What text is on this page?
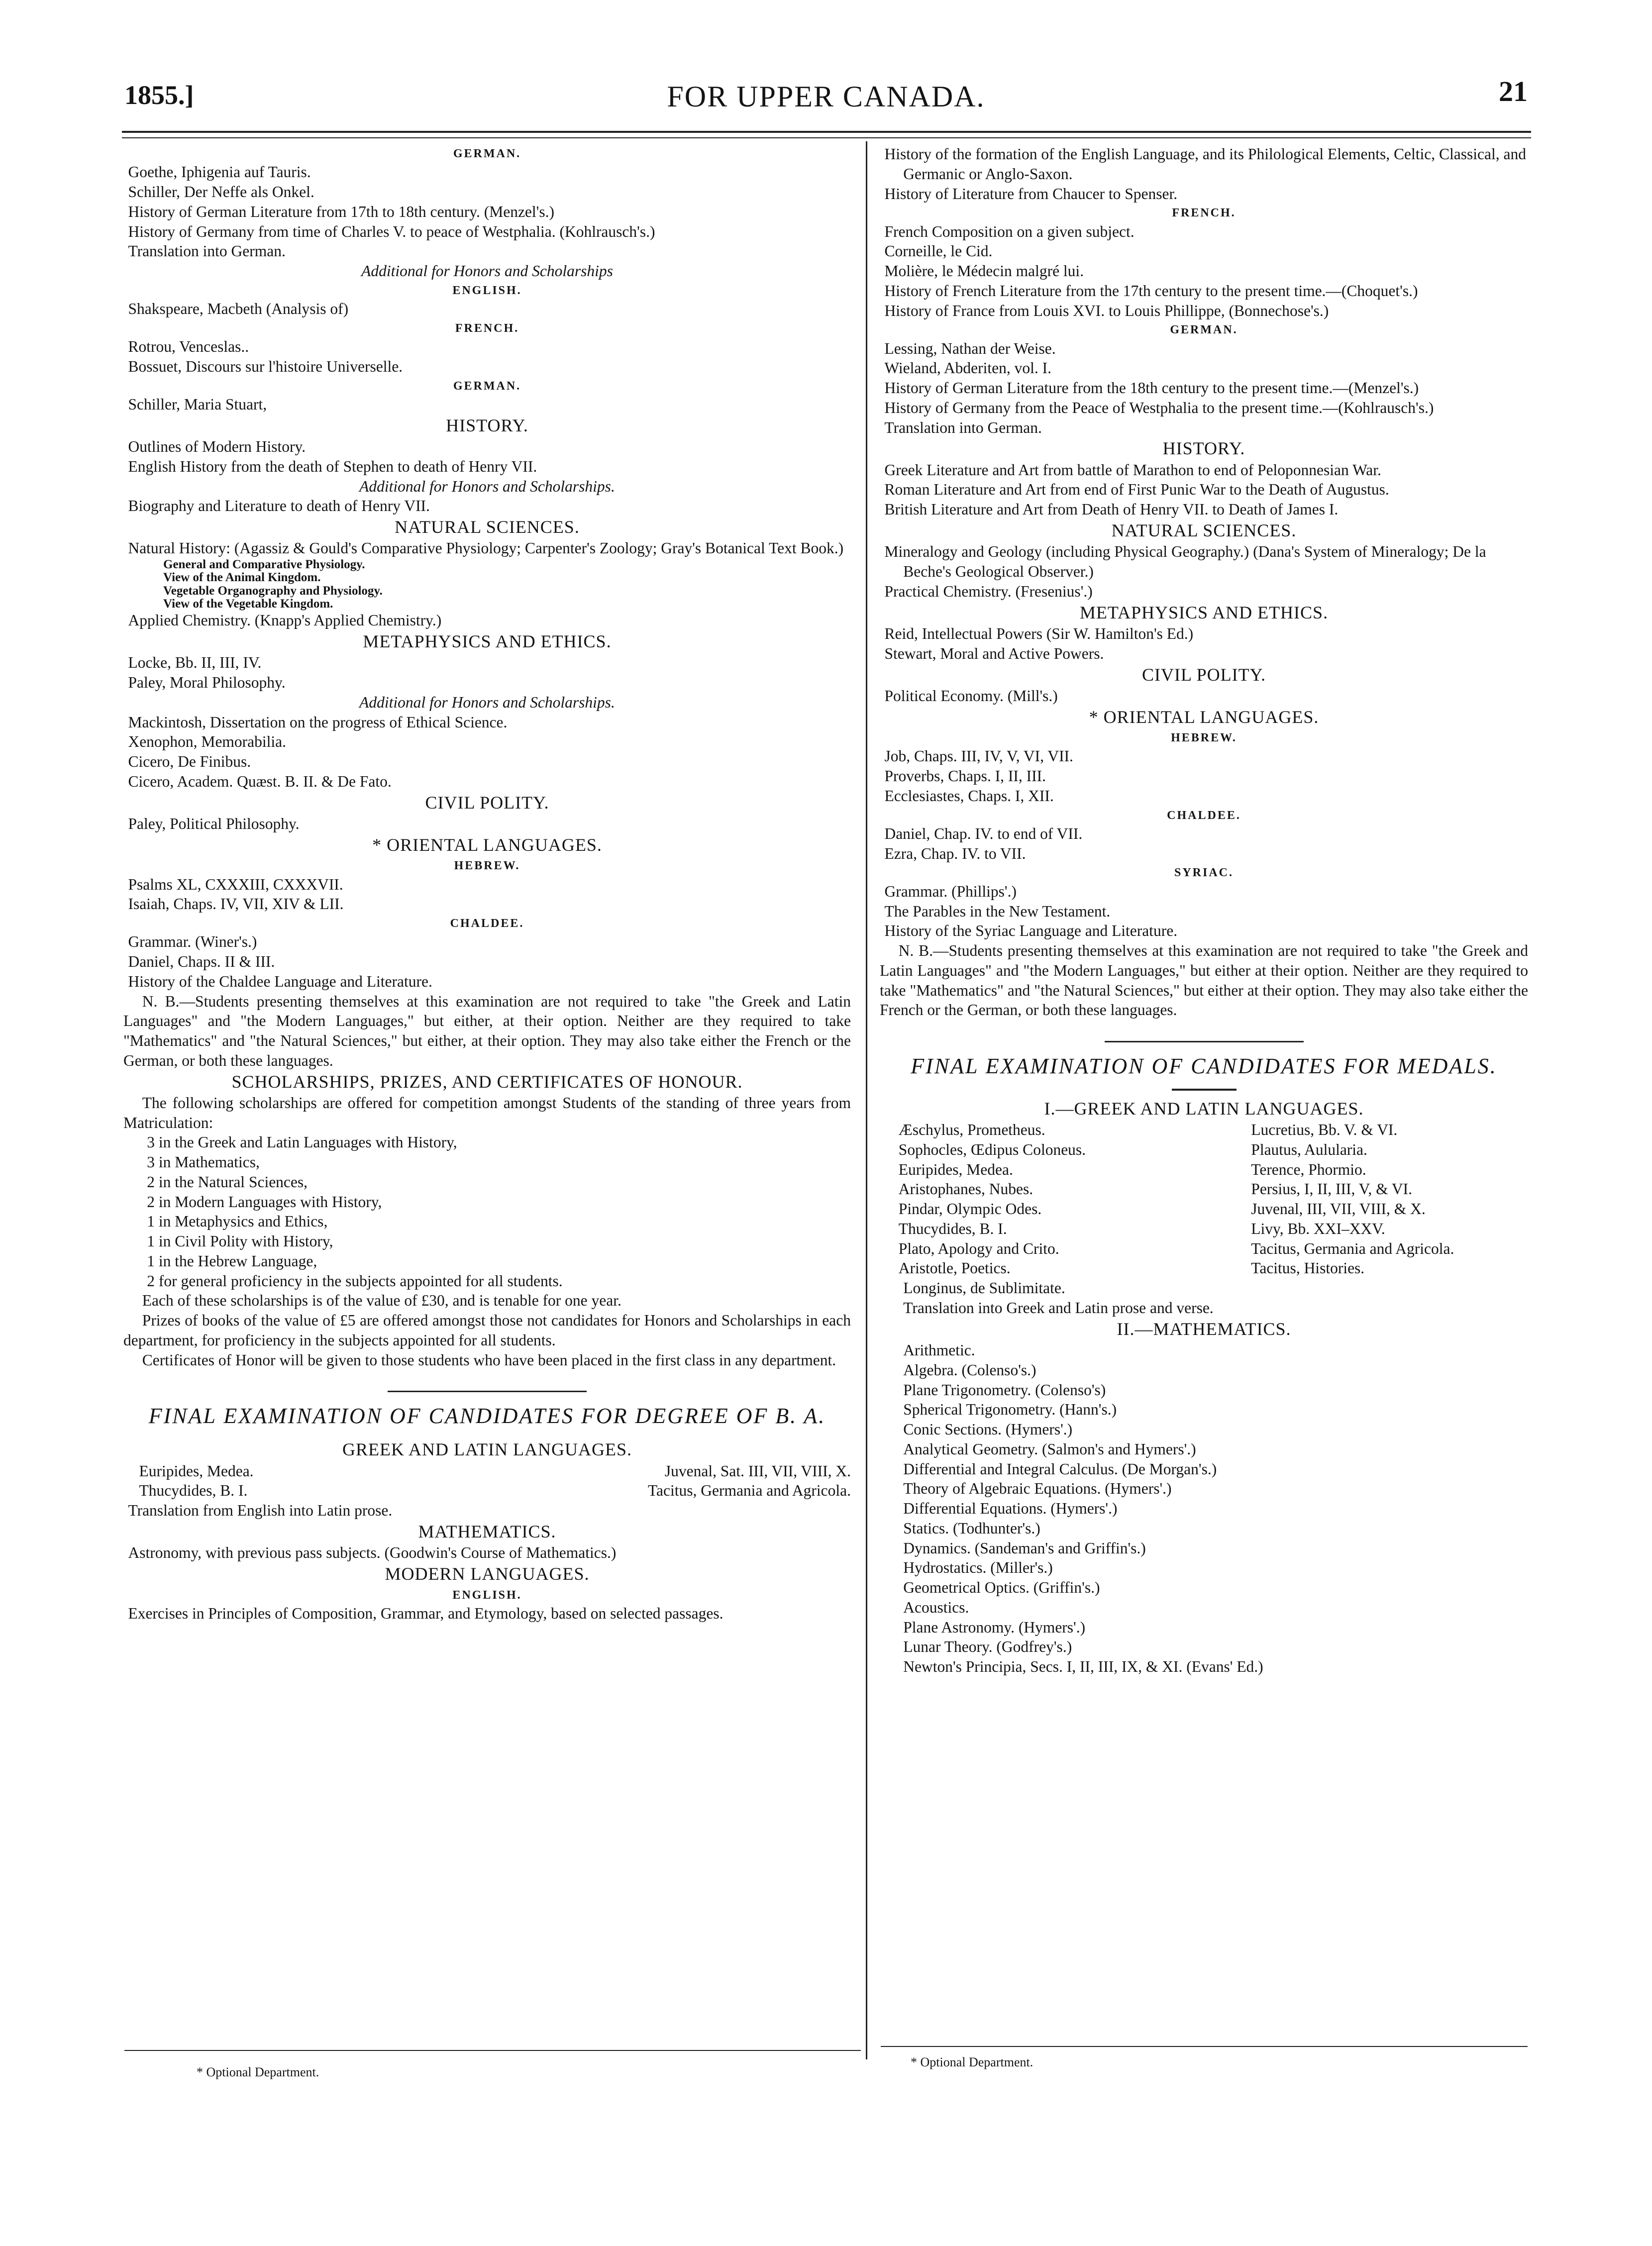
1855.]	FOR UPPER CANADA.	21
GERMAN.
Goethe, Iphigenia auf Tauris.
Schiller, Der Neffe als Onkel.
History of German Literature from 17th to 18th century. (Menzel's.)
History of Germany from time of Charles V. to peace of Westphalia. (Kohlrausch's.)
Translation into German.
Additional for Honors and Scholarships
ENGLISH.
Shakspeare, Macbeth (Analysis of)
FRENCH.
Rotrou, Venceslas..
Bossuet, Discours sur l'histoire Universelle.
GERMAN.
Schiller, Maria Stuart,
HISTORY.
Outlines of Modern History.
English History from the death of Stephen to death of Henry VII.
Additional for Honors and Scholarships.
Biography and Literature to death of Henry VII.
NATURAL SCIENCES.
Natural History: (Agassiz & Gould's Comparative Physiology; Carpenter's Zoology; Gray's Botanical Text Book.)
General and Comparative Physiology.
View of the Animal Kingdom.
Vegetable Organography and Physiology.
View of the Vegetable Kingdom.
Applied Chemistry. (Knapp's Applied Chemistry.)
METAPHYSICS AND ETHICS.
Locke, Bb. II, III, IV.
Paley, Moral Philosophy.
Additional for Honors and Scholarships.
Mackintosh, Dissertation on the progress of Ethical Science.
Xenophon, Memorabilia.
Cicero, De Finibus.
Cicero, Academ. Quæst. B. II. & De Fato.
CIVIL POLITY.
Paley, Political Philosophy.
* ORIENTAL LANGUAGES.
HEBREW.
Psalms XL, CXXXIII, CXXXVII.
Isaiah, Chaps. IV, VII, XIV & LII.
CHALDEE.
Grammar. (Winer's.)
Daniel, Chaps. II & III.
History of the Chaldee Language and Literature.
N. B.—Students presenting themselves at this examination are not required to take "the Greek and Latin Languages" and "the Modern Languages," but either, at their option. Neither are they required to take "Mathematics" and "the Natural Sciences," but either, at their option. They may also take either the French or the German, or both these languages.
SCHOLARSHIPS, PRIZES, AND CERTIFICATES OF HONOUR.
The following scholarships are offered for competition amongst Students of the standing of three years from Matriculation:
3 in the Greek and Latin Languages with History,
3 in Mathematics,
2 in the Natural Sciences,
2 in Modern Languages with History,
1 in Metaphysics and Ethics,
1 in Civil Polity with History,
1 in the Hebrew Language,
2 for general proficiency in the subjects appointed for all students.
Each of these scholarships is of the value of £30, and is tenable for one year.
Prizes of books of the value of £5 are offered amongst those not candidates for Honors and Scholarships in each department, for proficiency in the subjects appointed for all students.
Certificates of Honor will be given to those students who have been placed in the first class in any department.
FINAL EXAMINATION OF CANDIDATES FOR DEGREE OF B. A.
GREEK AND LATIN LANGUAGES.
Euripides, Medea.	Juvenal, Sat. III, VII, VIII, X.
Thucydides, B. I.	Tacitus, Germania and Agricola.
Translation from English into Latin prose.
MATHEMATICS.
Astronomy, with previous pass subjects. (Goodwin's Course of Mathematics.)
MODERN LANGUAGES.
ENGLISH.
Exercises in Principles of Composition, Grammar, and Etymology, based on selected passages.
History of the formation of the English Language, and its Philological Elements, Celtic, Classical, and Germanic or Anglo-Saxon.
History of Literature from Chaucer to Spenser.
FRENCH.
French Composition on a given subject.
Corneille, le Cid.
Molière, le Médecin malgré lui.
History of French Literature from the 17th century to the present time.—(Choquet's.)
History of France from Louis XVI. to Louis Phillippe, (Bonnechose's.)
GERMAN.
Lessing, Nathan der Weise.
Wieland, Abderiten, vol. I.
History of German Literature from the 18th century to the present time.—(Menzel's.)
History of Germany from the Peace of Westphalia to the present time.—(Kohlrausch's.)
Translation into German.
HISTORY.
Greek Literature and Art from battle of Marathon to end of Peloponnesian War.
Roman Literature and Art from end of First Punic War to the Death of Augustus.
British Literature and Art from Death of Henry VII. to Death of James I.
NATURAL SCIENCES.
Mineralogy and Geology (including Physical Geography.) (Dana's System of Mineralogy; De la Beche's Geological Observer.)
Practical Chemistry. (Fresenius'.)
METAPHYSICS AND ETHICS.
Reid, Intellectual Powers (Sir W. Hamilton's Ed.)
Stewart, Moral and Active Powers.
CIVIL POLITY.
Political Economy. (Mill's.)
* ORIENTAL LANGUAGES.
HEBREW.
Job, Chaps. III, IV, V, VI, VII.
Proverbs, Chaps. I, II, III.
Ecclesiastes, Chaps. I, XII.
CHALDEE.
Daniel, Chap. IV. to end of VII.
Ezra, Chap. IV. to VII.
SYRIAC.
Grammar. (Phillips'.)
The Parables in the New Testament.
History of the Syriac Language and Literature.
N. B.—Students presenting themselves at this examination are not required to take "the Greek and Latin Languages" and "the Modern Languages," but either at their option. Neither are they required to take "Mathematics" and "the Natural Sciences," but either at their option. They may also take either the French or the German, or both these languages.
FINAL EXAMINATION OF CANDIDATES FOR MEDALS.
I.—GREEK AND LATIN LANGUAGES.
Æschylus, Prometheus.	Lucretius, Bb. V. & VI.
Sophocles, Œdipus Coloneus.	Plautus, Aulularia.
Euripides, Medea.	Terence, Phormio.
Aristophanes, Nubes.	Persius, I, II, III, V, & VI.
Pindar, Olympic Odes.	Juvenal, III, VII, VIII, & X.
Thucydides, B. I.	Livy, Bb. XXI–XXV.
Plato, Apology and Crito.	Tacitus, Germania and Agricola.
Aristotle, Poetics.	Tacitus, Histories.
Longinus, de Sublimitate.
Translation into Greek and Latin prose and verse.
II.—MATHEMATICS.
Arithmetic.
Algebra. (Colenso's.)
Plane Trigonometry. (Colenso's)
Spherical Trigonometry. (Hann's.)
Conic Sections. (Hymers'.)
Analytical Geometry. (Salmon's and Hymers'.)
Differential and Integral Calculus. (De Morgan's.)
Theory of Algebraic Equations. (Hymers'.)
Differential Equations. (Hymers'.)
Statics. (Todhunter's.)
Dynamics. (Sandeman's and Griffin's.)
Hydrostatics. (Miller's.)
Geometrical Optics. (Griffin's.)
Acoustics.
Plane Astronomy. (Hymers'.)
Lunar Theory. (Godfrey's.)
Newton's Principia, Secs. I, II, III, IX, & XI. (Evans' Ed.)
* Optional Department.
* Optional Department.
